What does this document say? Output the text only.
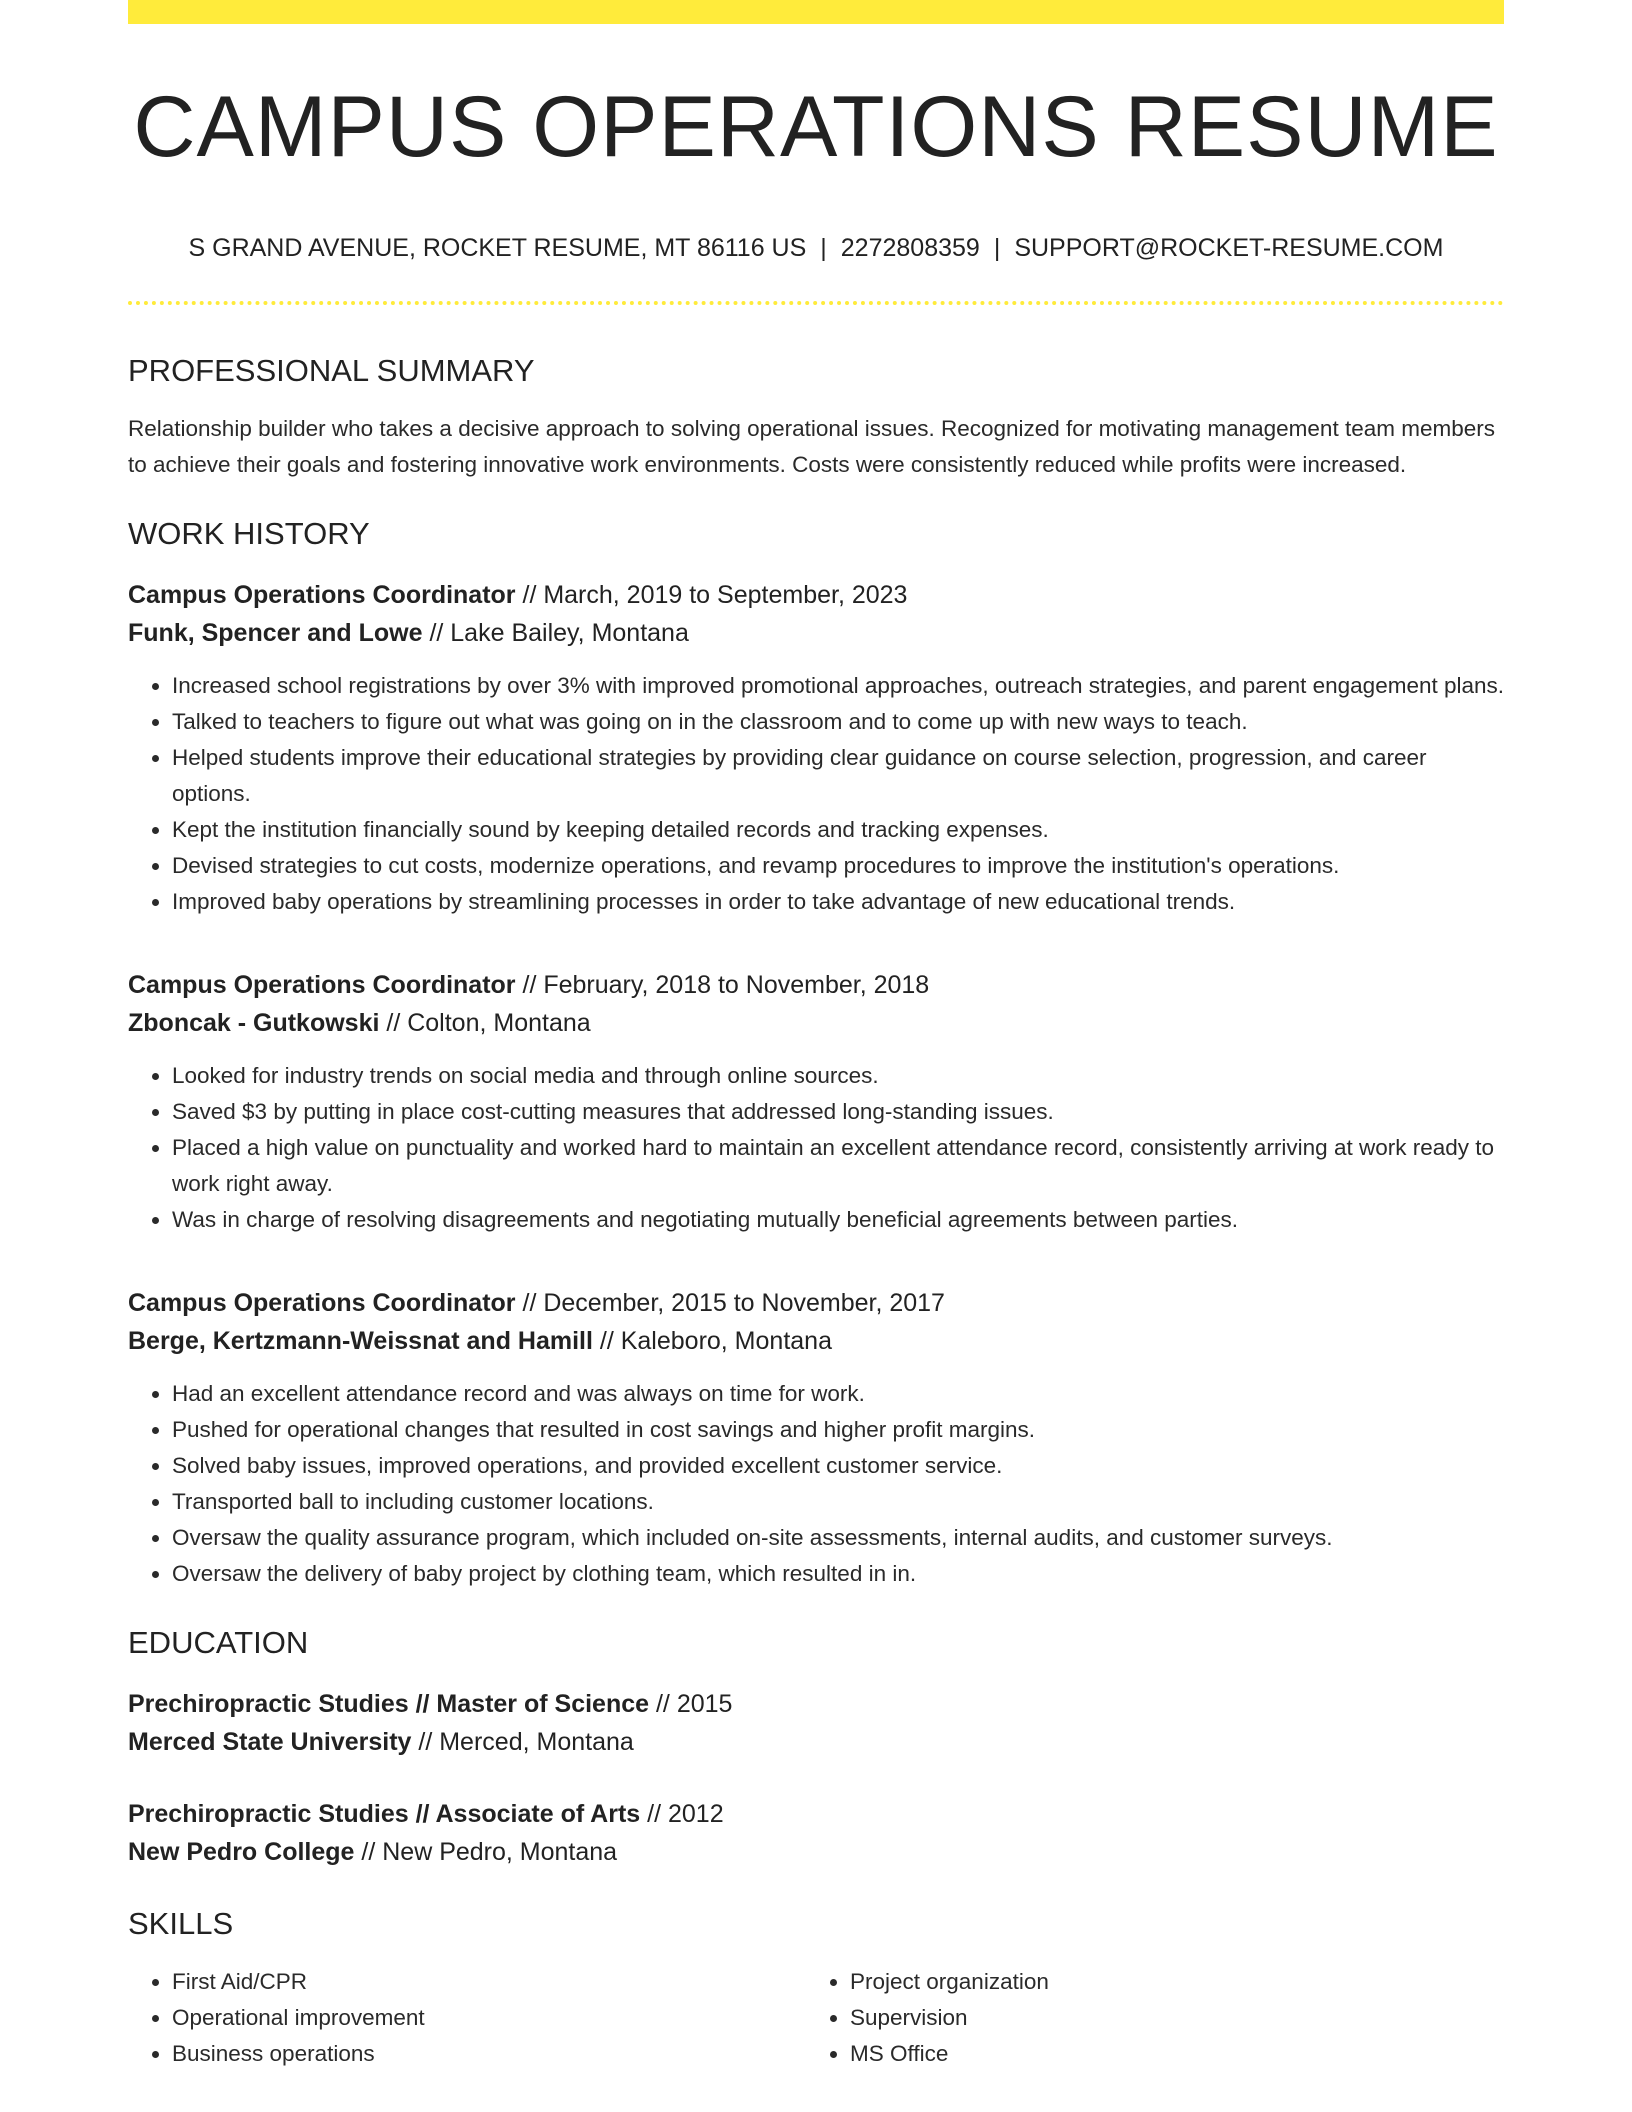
CAMPUS OPERATIONS RESUME
S GRAND AVENUE, ROCKET RESUME, MT 86116 US | 2272808359 | SUPPORT@ROCKET-RESUME.COM
PROFESSIONAL SUMMARY

Relationship builder who takes a decisive approach to solving operational issues. Recognized for motivating management team members to achieve their goals and fostering innovative work environments. Costs were consistently reduced while profits were increased.

WORK HISTORY
Campus Operations Coordinator // March, 2019 to September, 2023
Funk, Spencer and Lowe // Lake Bailey, Montana
• Increased school registrations by over 3% with improved promotional approaches, outreach strategies, and parent engagement plans.
• Talked to teachers to figure out what was going on in the classroom and to come up with new ways to teach.
• Helped students improve their educational strategies by providing clear guidance on course selection, progression, and career options.
• Kept the institution financially sound by keeping detailed records and tracking expenses.
• Devised strategies to cut costs, modernize operations, and revamp procedures to improve the institution's operations.
• Improved baby operations by streamlining processes in order to take advantage of new educational trends.
Campus Operations Coordinator // February, 2018 to November, 2018
Zboncak - Gutkowski // Colton, Montana
• Looked for industry trends on social media and through online sources.
• Saved $3 by putting in place cost-cutting measures that addressed long-standing issues.
• Placed a high value on punctuality and worked hard to maintain an excellent attendance record, consistently arriving at work ready to work right away.
• Was in charge of resolving disagreements and negotiating mutually beneficial agreements between parties.
Campus Operations Coordinator // December, 2015 to November, 2017
Berge, Kertzmann-Weissnat and Hamill // Kaleboro, Montana
• Had an excellent attendance record and was always on time for work.
• Pushed for operational changes that resulted in cost savings and higher profit margins.
• Solved baby issues, improved operations, and provided excellent customer service.
• Transported ball to including customer locations.
• Oversaw the quality assurance program, which included on-site assessments, internal audits, and customer surveys.
• Oversaw the delivery of baby project by clothing team, which resulted in in.
EDUCATION
Prechiropractic Studies // Master of Science // 2015
Merced State University // Merced, Montana
Prechiropractic Studies // Associate of Arts // 2012
New Pedro College // New Pedro, Montana
SKILLS
• First Aid/CPR
• Operational improvement
• Business operations
• Project organization
• Supervision
• MS Office
